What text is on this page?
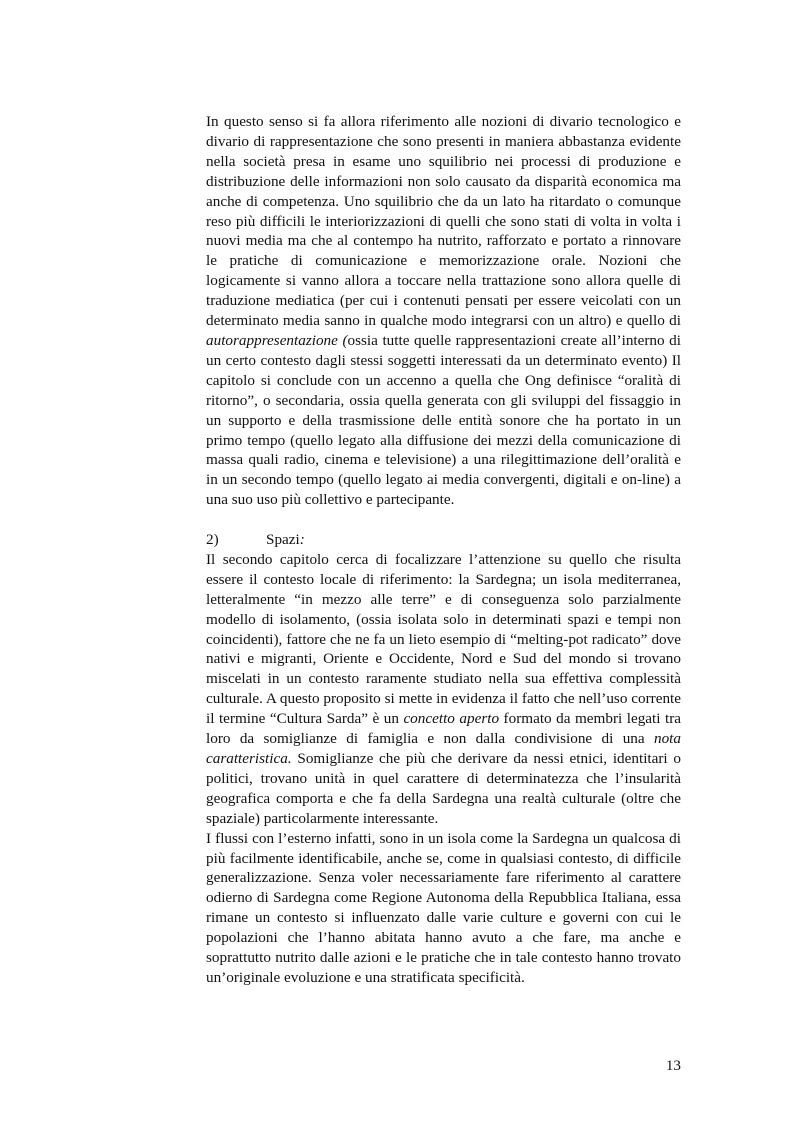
In questo senso si fa allora riferimento alle nozioni di divario tecnologico e divario di rappresentazione che sono presenti in maniera abbastanza evidente nella società presa in esame uno squilibrio nei processi di produzione e distribuzione delle informazioni non solo causato da disparità economica ma anche di competenza. Uno squilibrio che da un lato ha ritardato o comunque reso più difficili le interiorizzazioni di quelli che sono stati di volta in volta i nuovi media ma che al contempo ha nutrito, rafforzato e portato a rinnovare le pratiche di comunicazione e memorizzazione orale. Nozioni che logicamente si vanno allora a toccare nella trattazione sono allora quelle di traduzione mediatica (per cui i contenuti pensati per essere veicolati con un determinato media sanno in qualche modo integrarsi con un altro) e quello di autorappresentazione (ossia tutte quelle rappresentazioni create all’interno di un certo contesto dagli stessi soggetti interessati da un determinato evento) Il capitolo si conclude con un accenno a quella che Ong definisce “oralità di ritorno”, o secondaria, ossia quella generata con gli sviluppi del fissaggio in un supporto e della trasmissione delle entità sonore che ha portato in un primo tempo (quello legato alla diffusione dei mezzi della comunicazione di massa quali radio, cinema e televisione) a una rilegittimazione dell’oralità e in un secondo tempo (quello legato ai media convergenti, digitali e on-line) a una suo uso più collettivo e partecipante.

2)	Spazi:

Il secondo capitolo cerca di focalizzare l’attenzione su quello che risulta essere il contesto locale di riferimento: la Sardegna; un isola mediterranea, letteralmente “in mezzo alle terre” e di conseguenza solo parzialmente modello di isolamento, (ossia isolata solo in determinati spazi e tempi non coincidenti), fattore che ne fa un lieto esempio di “melting-pot radicato” dove nativi e migranti, Oriente e Occidente, Nord e Sud del mondo si trovano miscelati in un contesto raramente studiato nella sua effettiva complessità culturale. A questo proposito si mette in evidenza il fatto che nell’uso corrente il termine “Cultura Sarda” è un concetto aperto formato da membri legati tra loro da somiglianze di famiglia e non dalla condivisione di una nota caratteristica. Somiglianze che più che derivare da nessi etnici, identitari o politici, trovano unità in quel carattere di determinatezza che l’insularità geografica comporta e che fa della Sardegna una realtà culturale (oltre che spaziale) particolarmente interessante.

I flussi con l’esterno infatti, sono in un isola come la Sardegna un qualcosa di più facilmente identificabile, anche se, come in qualsiasi contesto, di difficile generalizzazione. Senza voler necessariamente fare riferimento al carattere odierno di Sardegna come Regione Autonoma della Repubblica Italiana, essa rimane un contesto si influenzato dalle varie culture e governi con cui le popolazioni che l’hanno abitata hanno avuto a che fare, ma anche e soprattutto nutrito dalle azioni e le pratiche che in tale contesto hanno trovato un’originale evoluzione e una stratificata specificità.

13
